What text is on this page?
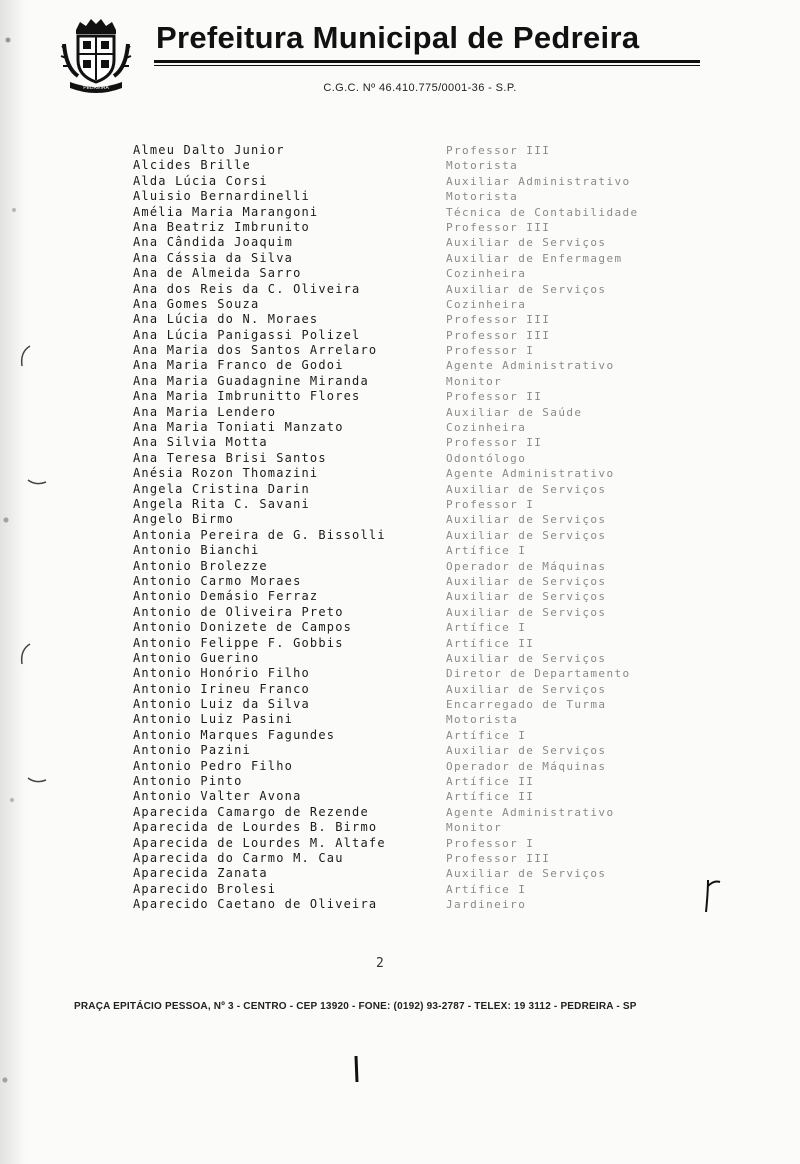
PEDREIRA
Prefeitura Municipal de Pedreira
C.G.C. Nº 46.410.775/0001-36 - S.P.
Almeu Dalto Junior	Professor III
Alcides Brille	Motorista
Alda Lúcia Corsi	Auxiliar Administrativo
Aluisio Bernardinelli	Motorista
Amélia Maria Marangoni	Técnica de Contabilidade
Ana Beatriz Imbrunito	Professor III
Ana Cândida Joaquim	Auxiliar de Serviços
Ana Cássia da Silva	Auxiliar de Enfermagem
Ana de Almeida Sarro	Cozinheira
Ana dos Reis da C. Oliveira	Auxiliar de Serviços
Ana Gomes Souza	Cozinheira
Ana Lúcia do N. Moraes	Professor III
Ana Lúcia Panigassi Polizel	Professor III
Ana Maria dos Santos Arrelaro	Professor I
Ana Maria Franco de Godoi	Agente Administrativo
Ana Maria Guadagnine Miranda	Monitor
Ana Maria Imbrunitto Flores	Professor II
Ana Maria Lendero	Auxiliar de Saúde
Ana Maria Toniati Manzato	Cozinheira
Ana Silvia Motta	Professor II
Ana Teresa Brisi Santos	Odontólogo
Anésia Rozon Thomazini	Agente Administrativo
Angela Cristina Darin	Auxiliar de Serviços
Angela Rita C. Savani	Professor I
Angelo Birmo	Auxiliar de Serviços
Antonia Pereira de G. Bissolli	Auxiliar de Serviços
Antonio Bianchi	Artífice I
Antonio Brolezze	Operador de Máquinas
Antonio Carmo Moraes	Auxiliar de Serviços
Antonio Demásio Ferraz	Auxiliar de Serviços
Antonio de Oliveira Preto	Auxiliar de Serviços
Antonio Donizete de Campos	Artífice I
Antonio Felippe F. Gobbis	Artífice II
Antonio Guerino	Auxiliar de Serviços
Antonio Honório Filho	Diretor de Departamento
Antonio Irineu Franco	Auxiliar de Serviços
Antonio Luiz da Silva	Encarregado de Turma
Antonio Luiz Pasini	Motorista
Antonio Marques Fagundes	Artífice I
Antonio Pazini	Auxiliar de Serviços
Antonio Pedro Filho	Operador de Máquinas
Antonio Pinto	Artífice II
Antonio Valter Avona	Artífice II
Aparecida Camargo de Rezende	Agente Administrativo
Aparecida de Lourdes B. Birmo	Monitor
Aparecida de Lourdes M. Altafe	Professor I
Aparecida do Carmo M. Cau	Professor III
Aparecida Zanata	Auxiliar de Serviços
Aparecido Brolesi	Artífice I
Aparecido Caetano de Oliveira	Jardineiro
2
PRAÇA EPITÁCIO PESSOA, Nº 3 - CENTRO - CEP 13920 - FONE: (0192) 93-2787 - TELEX: 19 3112 - PEDREIRA - SP
